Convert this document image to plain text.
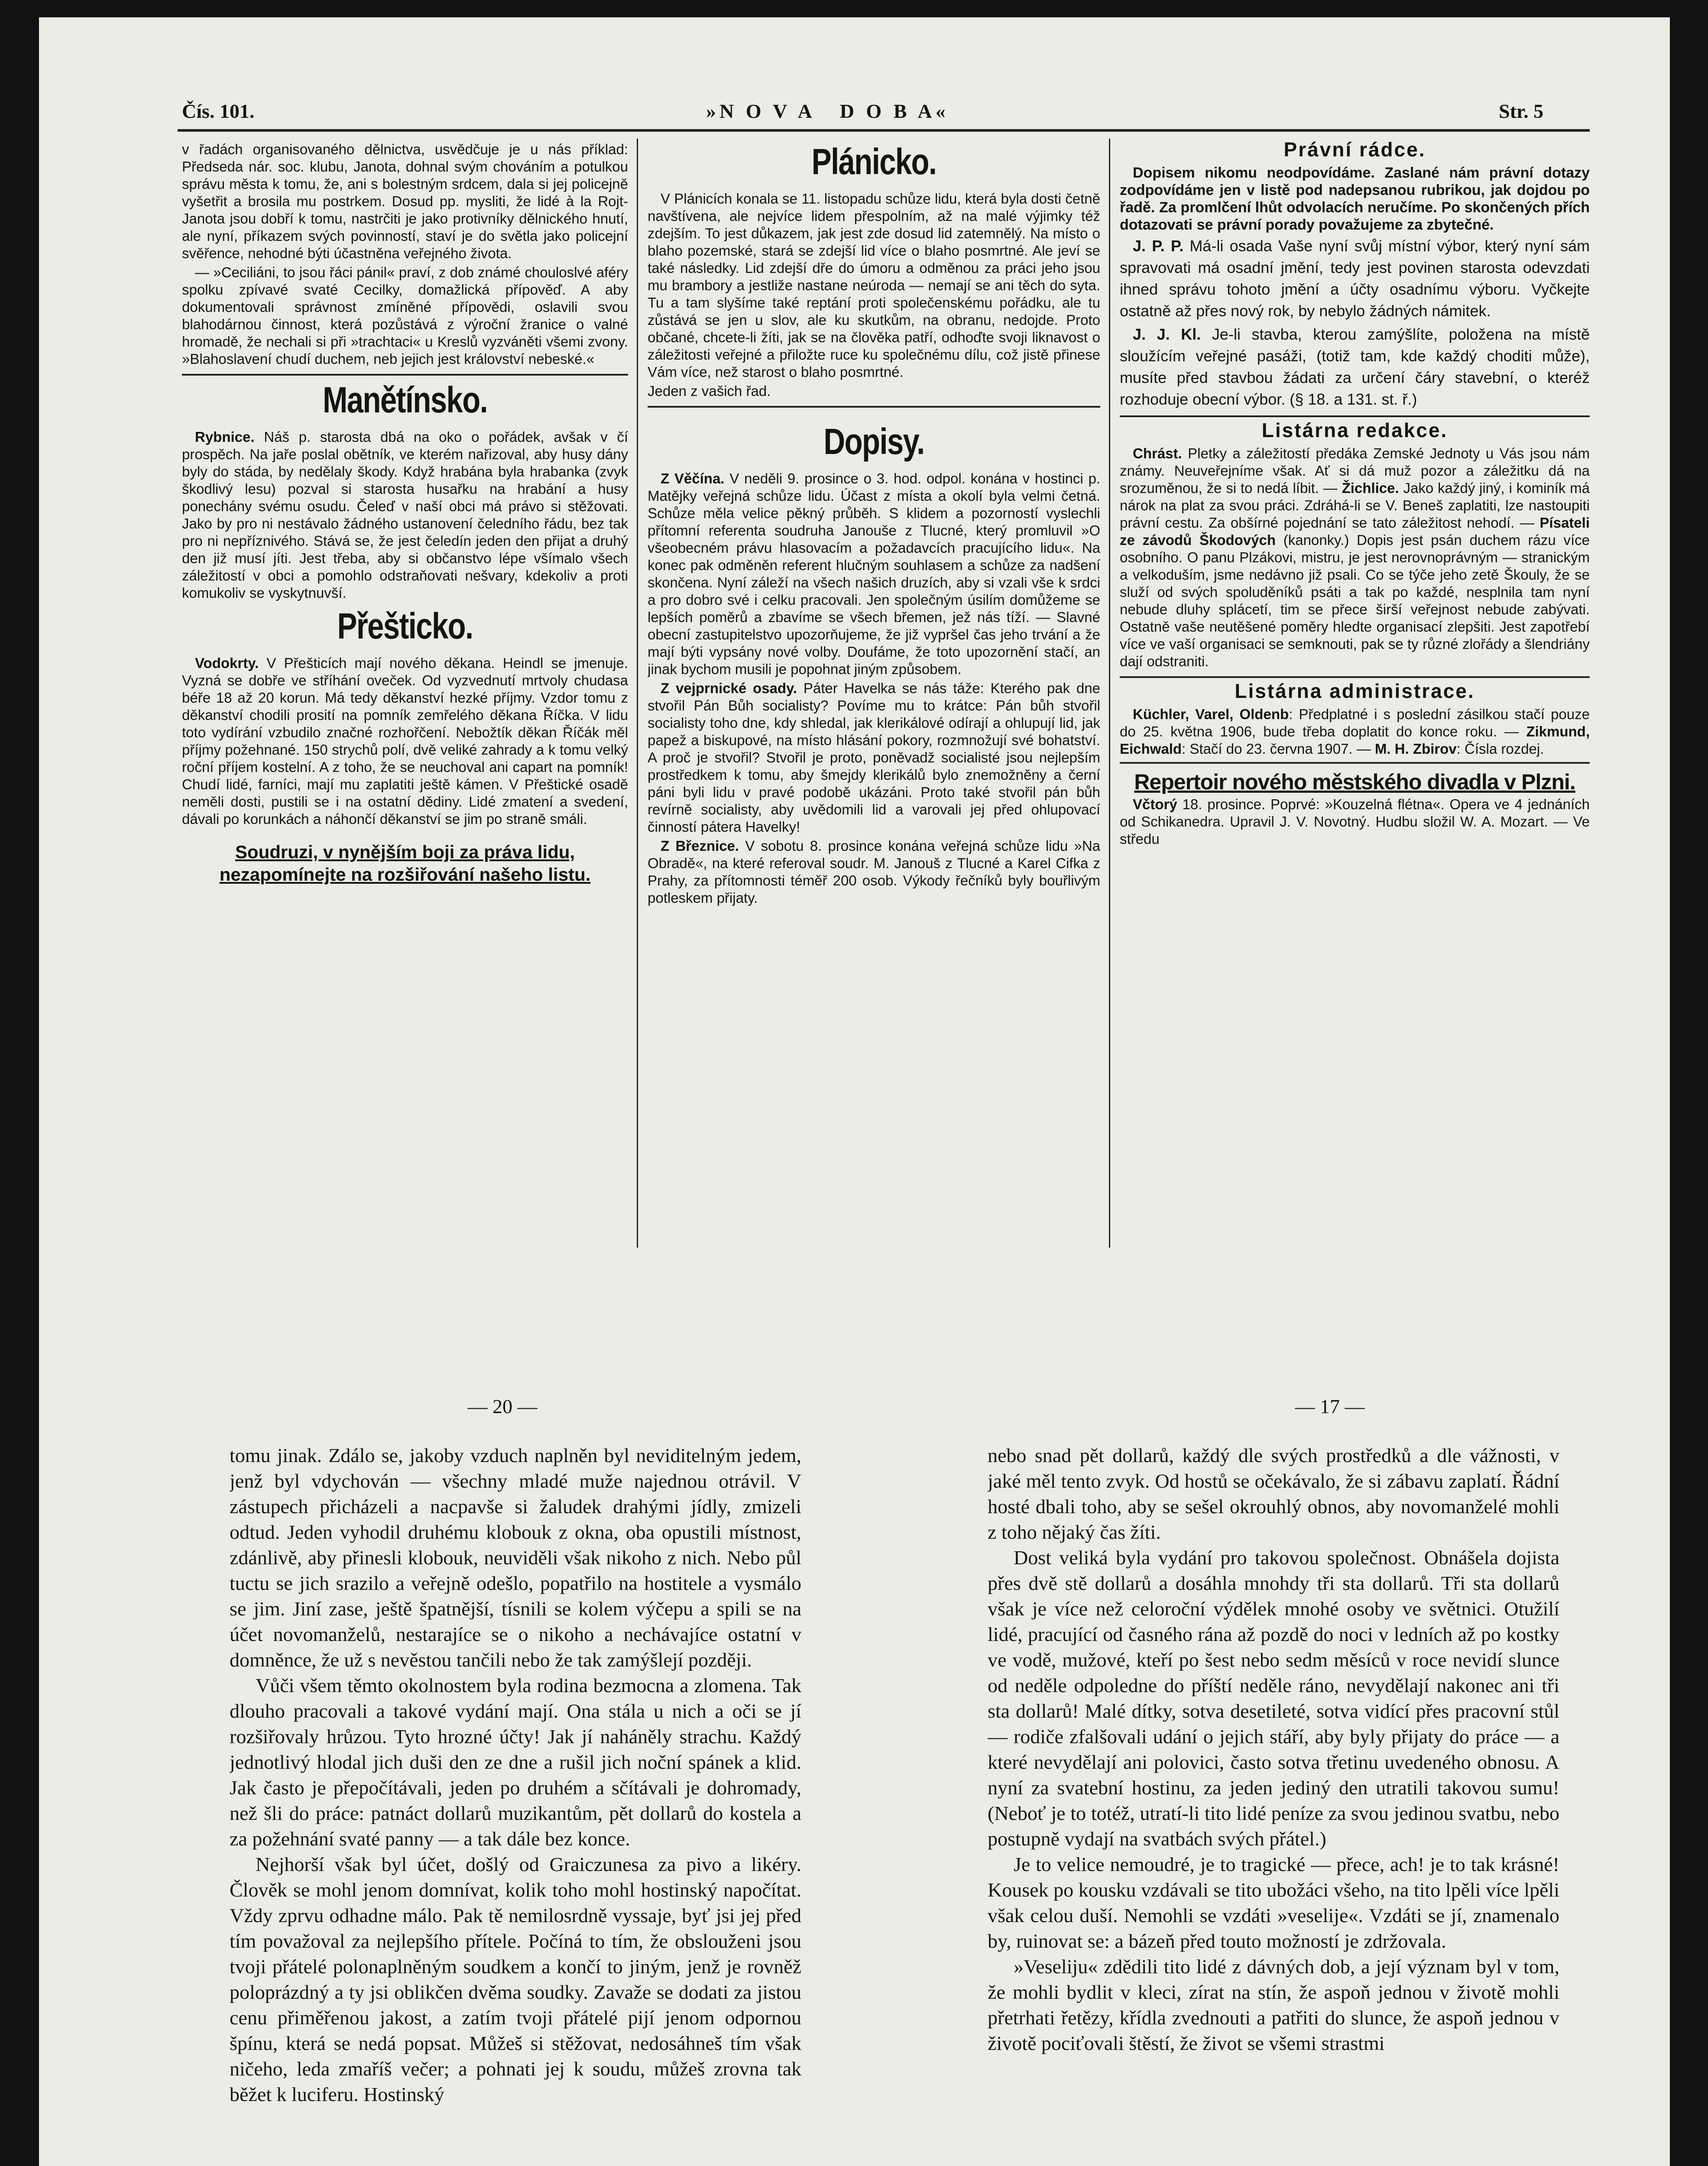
Čís. 101.	»N O V A   D O B A«	Str. 5

v řadách organisovaného dělnictva, usvědčuje je u nás příklad: Předseda nár. soc. klubu, Janota, dohnal svým chováním a potulkou správu města k tomu, že, ani s bolestným srdcem, dala si jej policejně vyšetřit a brosila mu postrkem. Dosud pp. mysliti, že lidé à la Rojt-Janota jsou dobří k tomu, nastrčiti je jako protivníky dělnického hnutí, ale nyní, příkazem svých povinností, staví je do světla jako policejní svěřence, nehodné býti účastněna veřejného života.

— »Ceciliáni, to jsou řáci pánil« praví, z dob známé chouloslvé aféry spolku zpívavé svaté Cecilky, domažlická přípověď. A aby dokumentovali správnost zmíněné přípovědi, oslavili svou blahodárnou činnost, která pozůstává z výroční žranice o valné hromadě, že nechali si při »trachtaci« u Kreslů vyzváněti všemi zvony. »Blahoslavení chudí duchem, neb jejich jest království nebeské.«

Manětínsko.

Rybnice. Náš p. starosta dbá na oko o pořádek, avšak v čí prospěch. Na jaře poslal obětník, ve kterém nařizoval, aby husy dány byly do stáda, by nedělaly škody. Když hrabána byla hrabanka (zvyk škodlivý lesu) pozval si starosta husařku na hrabání a husy ponechány svému osudu. Čeleď v naší obci má právo si stěžovati. Jako by pro ni nestávalo žádného ustanovení čeledního řádu, bez tak pro ni nepříznivého. Stává se, že jest čeledín jeden den přijat a druhý den již musí jíti. Jest třeba, aby si občanstvo lépe všímalo všech záležitostí v obci a pomohlo odstraňovati nešvary, kdekoliv a proti komukoliv se vyskytnuvší.

Přešticko.

Vodokrty. V Přešticích mají nového děkana. Heindl se jmenuje. Vyzná se dobře ve stříhání oveček. Od vyzvednutí mrtvoly chudasa béře 18 až 20 korun. Má tedy děkanství hezké příjmy. Vzdor tomu z děkanství chodili prosití na pomník zemřelého děkana Říčka. V lidu toto vydírání vzbudilo značné rozhořčení. Nebožtík děkan Říčák měl příjmy požehnané. 150 strychů polí, dvě veliké zahrady a k tomu velký roční příjem kostelní. A z toho, že se neuchoval ani capart na pomník! Chudí lidé, farníci, mají mu zaplatiti ještě kámen. V Přeštické osadě neměli dosti, pustili se i na ostatní dědiny. Lidé zmatení a svedení, dávali po korunkách a náhončí děkanství se jim po straně smáli.

Soudruzi, v nynějším boji za práva lidu, nezapomínejte na rozšiřování našeho listu.
Plánicko.

V Plánicích konala se 11. listopadu schůze lidu, která byla dosti četně navštívena, ale nejvíce lidem přespolním, až na malé výjimky též zdejším. To jest důkazem, jak jest zde dosud lid zatemnělý. Na místo o blaho pozemské, stará se zdejší lid více o blaho posmrtné. Ale jeví se také následky. Lid zdejší dře do úmoru a odměnou za práci jeho jsou mu brambory a jestliže nastane neúroda — nemají se ani těch do syta. Tu a tam slyšíme také reptání proti společenskému pořádku, ale tu zůstává se jen u slov, ale ku skutkům, na obranu, nedojde. Proto občané, chcete-li žíti, jak se na člověka patří, odhoďte svoji liknavost o záležitosti veřejné a přiložte ruce ku společnému dílu, což jistě přinese Vám více, než starost o blaho posmrtné.

Jeden z vašich řad.

Dopisy.

Z Věčína. V neděli 9. prosince o 3. hod. odpol. konána v hostinci p. Matějky veřejná schůze lidu. Účast z místa a okolí byla velmi četná. Schůze měla velice pěkný průběh. S klidem a pozorností vyslechli přítomní referenta soudruha Janouše z Tlucné, který promluvil »O všeobecném právu hlasovacím a požadavcích pracujícího lidu«. Na konec pak odměněn referent hlučným souhlasem a schůze za nadšení skončena. Nyní záleží na všech našich druzích, aby si vzali vše k srdci a pro dobro své i celku pracovali. Jen společným úsilím domůžeme se lepších poměrů a zbavíme se všech břemen, jež nás tíží. — Slavné obecní zastupitelstvo upozorňujeme, že již vypršel čas jeho trvání a že mají býti vypsány nové volby. Doufáme, že toto upozornění stačí, an jinak bychom musili je popohnat jiným způsobem.

Z vejprnické osady. Páter Havelka se nás táže: Kterého pak dne stvořil Pán Bůh socialisty? Povíme mu to krátce: Pán bůh stvořil socialisty toho dne, kdy shledal, jak klerikálové odírají a ohlupují lid, jak papež a biskupové, na místo hlásání pokory, rozmnožují své bohatství. A proč je stvořil? Stvořil je proto, poněvadž socialisté jsou nejlepším prostředkem k tomu, aby šmejdy klerikálů bylo znemožněny a černí páni byli lidu v pravé podobě ukázáni. Proto také stvořil pán bůh revírně socialisty, aby uvědomili lid a varovali jej před ohlupovací činností pátera Havelky!

Z Březnice. V sobotu 8. prosince konána veřejná schůze lidu »Na Obradě«, na které referoval soudr. M. Janouš z Tlucné a Karel Cifka z Prahy, za přítomnosti téměř 200 osob. Výkody řečníků byly bouřlivým potleskem přijaty.

Právní rádce.

Dopisem nikomu neodpovídáme. Zaslané nám právní dotazy zodpovídáme jen v listě pod nadepsanou rubrikou, jak dojdou po řadě. Za promlčení lhůt odvolacích neručíme. Po skončených přích dotazovati se právní porady považujeme za zbytečné.

J. P. P. Má-li osada Vaše nyní svůj místní výbor, který nyní sám spravovati má osadní jmění, tedy jest povinen starosta odevzdati ihned správu tohoto jmění a účty osadnímu výboru. Vyčkejte ostatně až přes nový rok, by nebylo žádných námitek.

J. J. Kl. Je-li stavba, kterou zamýšlíte, položena na místě sloužícím veřejné pasáži, (totiž tam, kde každý choditi může), musíte před stavbou žádati za určení čáry stavební, o kteréž rozhoduje obecní výbor. (§ 18. a 131. st. ř.)

Listárna redakce.

Chrást. Pletky a záležitostí předáka Zemské Jednoty u Vás jsou nám známy. Neuveřejníme však. Ať si dá muž pozor a záležitku dá na srozuměnou, že si to nedá líbit. — Žichlice. Jako každý jiný, i kominík má nárok na plat za svou práci. Zdráhá-li se V. Beneš zaplatiti, lze nastoupiti právní cestu. Za obšírné pojednání se tato záležitost nehodí. — Písateli ze závodů Škodových (kanonky.) Dopis jest psán duchem rázu více osobního. O panu Plzákovi, mistru, je jest nerovnoprávným — stranickým a velkoduším, jsme nedávno již psali. Co se týče jeho zetě Škouly, že se služí od svých spoluděníků psáti a tak po každé, nesplnila tam nyní nebude dluhy splácetí, tim se přece širší veřejnost nebude zabývati. Ostatně vaše neutěšené poměry hledte organisací zlepšiti. Jest zapotřebí více ve vaší organisaci se semknouti, pak se ty různé zlořády a šlendriány dají odstraniti.

Listárna administrace.

Küchler, Varel, Oldenb: Předplatné i s poslední zásilkou stačí pouze do 25. května 1906, bude třeba doplatit do konce roku. — Zikmund, Eichwald: Stačí do 23. června 1907. — M. H. Zbirov: Čísla rozdej.

Repertoir nového městského divadla v Plzni.

Včtorý 18. prosince. Poprvé: »Kouzelná flétna«. Opera ve 4 jednáních od Schikanedra. Upravil J. V. Novotný. Hudbu složil W. A. Mozart. — Ve středu

— 20 —	— 17 —

tomu jinak. Zdálo se, jakoby vzduch naplněn byl neviditelným jedem, jenž byl vdychován — všechny mladé muže najednou otrávil. V zástupech přicházeli a nacpavše si žaludek drahými jídly, zmizeli odtud. Jeden vyhodil druhému klobouk z okna, oba opustili místnost, zdánlivě, aby přinesli klobouk, neuviděli však nikoho z nich. Nebo půl tuctu se jich srazilo a veřejně odešlo, popatřilo na hostitele a vysmálo se jim. Jiní zase, ještě špatnější, tísnili se kolem výčepu a spili se na účet novomanželů, nestarajíce se o nikoho a nechávajíce ostatní v domněnce, že už s nevěstou tančili nebo že tak zamýšlejí později.

Vůči všem těmto okolnostem byla rodina bezmocna a zlomena. Tak dlouho pracovali a takové vydání mají. Ona stála u nich a oči se jí rozšiřovaly hrůzou. Tyto hrozné účty! Jak jí naháněly strachu. Každý jednotlivý hlodal jich duši den ze dne a rušil jich noční spánek a klid. Jak často je přepočítávali, jeden po druhém a sčítávali je dohromady, než šli do práce: patnáct dollarů muzikantům, pět dollarů do kostela a za požehnání svaté panny — a tak dále bez konce.

Nejhorší však byl účet, došlý od Graiczunesa za pivo a likéry. Člověk se mohl jenom domnívat, kolik toho mohl hostinský napočítat. Vždy zprvu odhadne málo. Pak tě nemilosrdně vyssaje, byť jsi jej před tím považoval za nejlepšího přítele. Počíná to tím, že obslouženi jsou tvoji přátelé polonaplněným soudkem a končí to jiným, jenž je rovněž poloprázdný a ty jsi oblikčen dvěma soudky. Zavaže se dodati za jistou cenu přiměřenou jakost, a zatím tvoji přátelé pijí jenom odpornou špínu, která se nedá popsat. Můžeš si stěžovat, nedosáhneš tím však ničeho, leda zmaříš večer; a pohnati jej k soudu, můžeš zrovna tak běžet k luciferu. Hostinský

nebo snad pět dollarů, každý dle svých prostředků a dle vážnosti, v jaké měl tento zvyk. Od hostů se očekávalo, že si zábavu zaplatí. Řádní hosté dbali toho, aby se sešel okrouhlý obnos, aby novomanželé mohli z toho nějaký čas žíti.

Dost veliká byla vydání pro takovou společnost. Obnášela dojista přes dvě stě dollarů a dosáhla mnohdy tři sta dollarů. Tři sta dollarů však je více než celoroční výdělek mnohé osoby ve světnici. Otužilí lidé, pracující od časného rána až pozdě do noci v ledních až po kostky ve vodě, mužové, kteří po šest nebo sedm měsíců v roce nevidí slunce od neděle odpoledne do příští neděle ráno, nevydělají nakonec ani tři sta dollarů! Malé dítky, sotva desetileté, sotva vidící přes pracovní stůl — rodiče zfalšovali udání o jejich stáří, aby byly přijaty do práce — a které nevydělají ani polovici, často sotva třetinu uvedeného obnosu. A nyní za svatební hostinu, za jeden jediný den utratili takovou sumu! (Neboť je to totéž, utratí-li tito lidé peníze za svou jedinou svatbu, nebo postupně vydají na svatbách svých přátel.)

Je to velice nemoudré, je to tragické — přece, ach! je to tak krásné! Kousek po kousku vzdávali se tito ubožáci všeho, na tito lpěli více lpěli však celou duší. Nemohli se vzdáti »veselije«. Vzdáti se jí, znamenalo by, ruinovat se: a bázeň před touto možností je zdržovala.

»Veseliju« zdědili tito lidé z dávných dob, a její význam byl v tom, že mohli bydlit v kleci, zírat na stín, že aspoň jednou v životě mohli přetrhati řetězy, křídla zvednouti a patřiti do slunce, že aspoň jednou v životě pociťovali štěstí, že život se všemi strastmi
